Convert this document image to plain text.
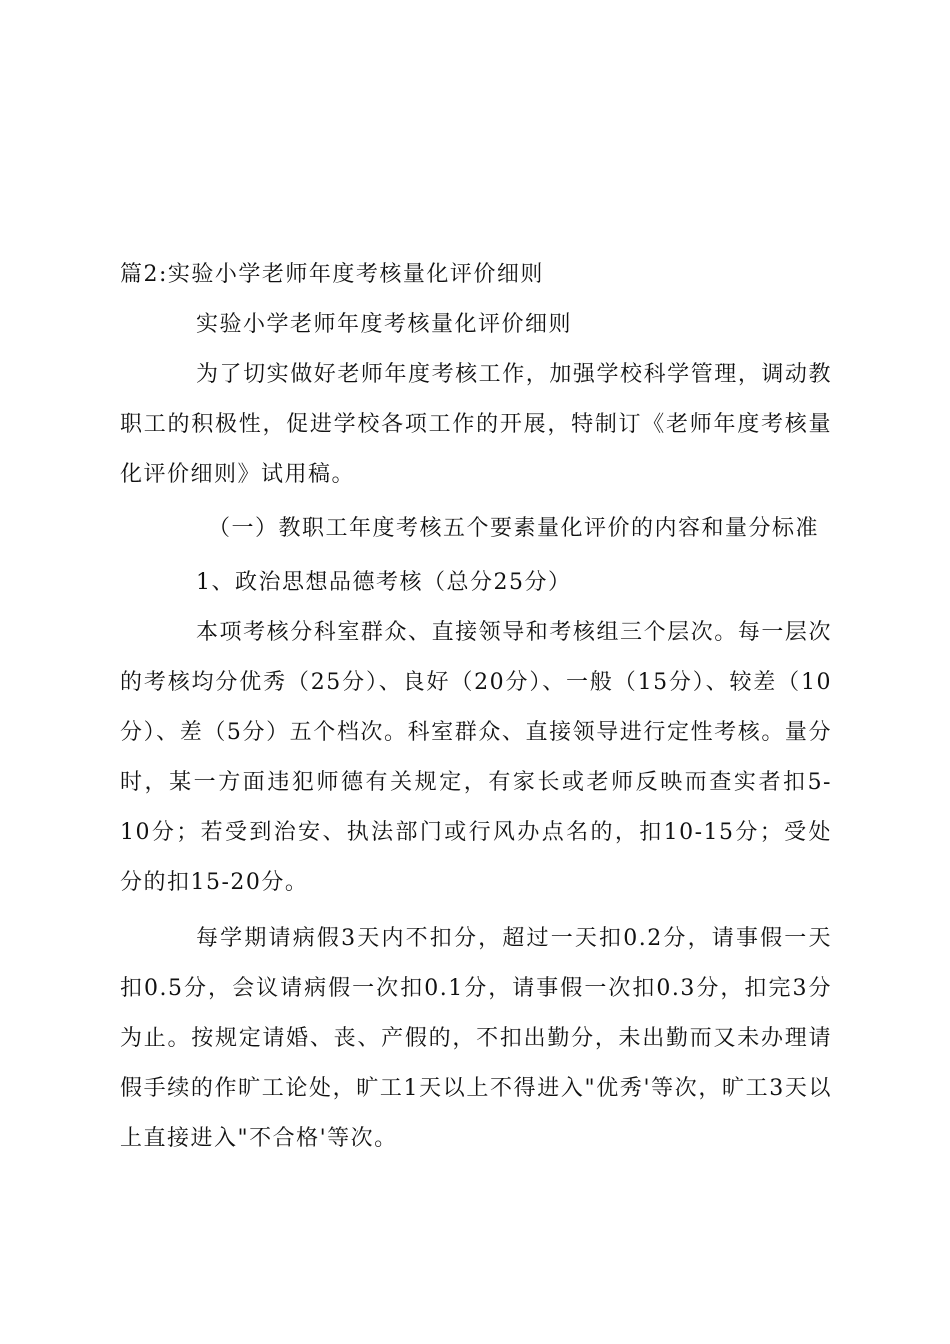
篇2:实验小学老师年度考核量化评价细则

实验小学老师年度考核量化评价细则

为了切实做好老师年度考核工作，加强学校科学管理，调动教职工的积极性，促进学校各项工作的开展，特制订《老师年度考核量化评价细则》试用稿。

（一）教职工年度考核五个要素量化评价的内容和量分标准

1、政治思想品德考核（总分25分）

本项考核分科室群众、直接领导和考核组三个层次。每一层次的考核均分优秀（25分）、良好（20分）、一般（15分）、较差（10分）、差（5分）五个档次。科室群众、直接领导进行定性考核。量分时，某一方面违犯师德有关规定，有家长或老师反映而查实者扣5-10分；若受到治安、执法部门或行风办点名的，扣10-15分；受处分的扣15-20分。

每学期请病假3天内不扣分，超过一天扣0.2分，请事假一天扣0.5分，会议请病假一次扣0.1分，请事假一次扣0.3分，扣完3分为止。按规定请婚、丧、产假的，不扣出勤分，未出勤而又未办理请假手续的作旷工论处，旷工1天以上不得进入"优秀'等次，旷工3天以上直接进入"不合格'等次。
